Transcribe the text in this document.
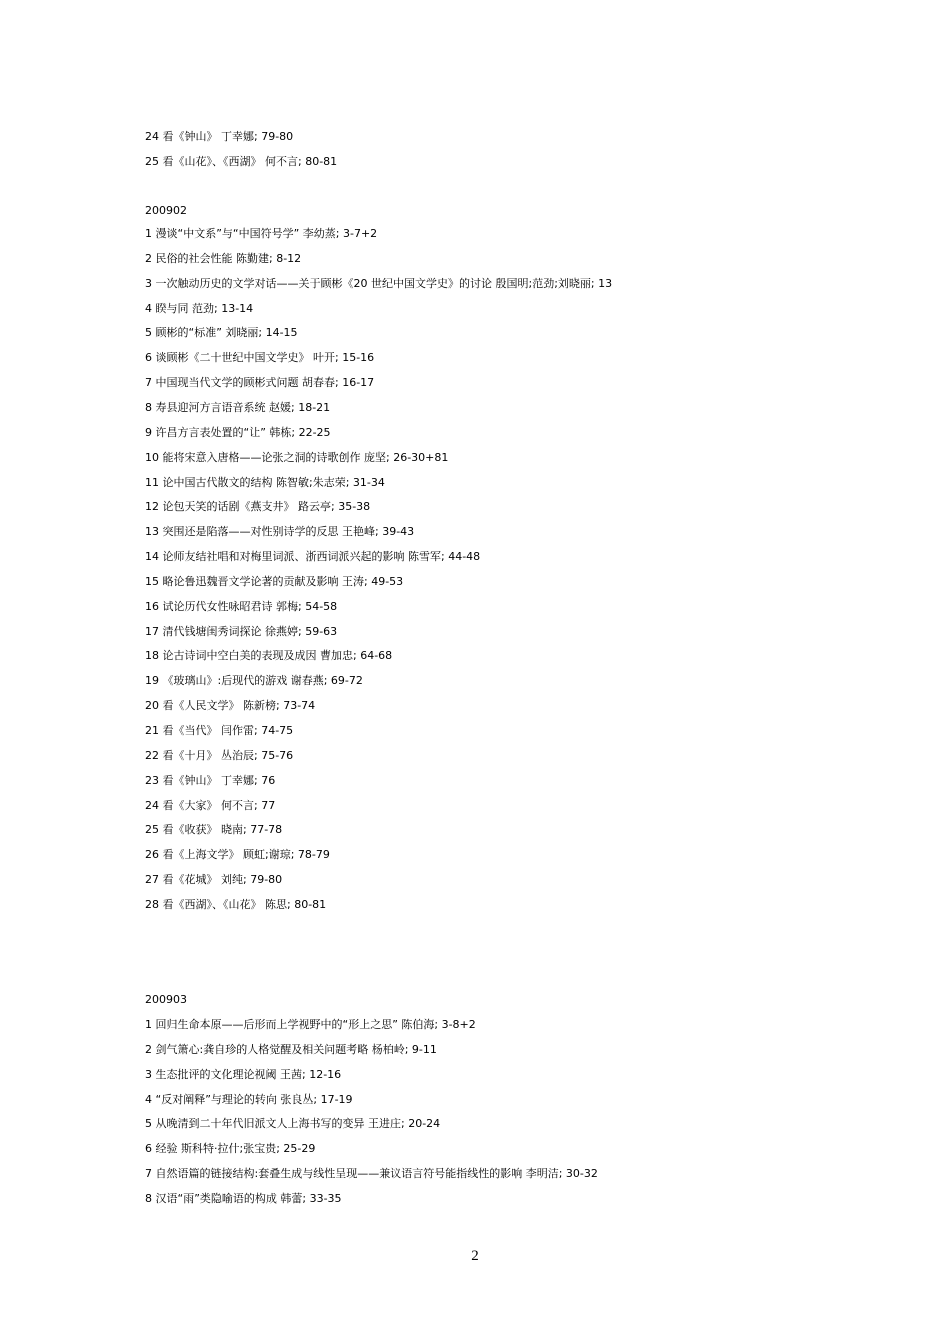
24 看《钟山》 丁幸娜; 79-80
25 看《山花》、《西湖》 何不言; 80-81
200902
1 漫谈“中文系”与“中国符号学” 李幼蒸; 3-7+2
2 民俗的社会性能 陈勤建; 8-12
3 一次触动历史的文学对话——关于顾彬《20 世纪中国文学史》的讨论 殷国明;范劲;刘晓丽; 13
4 睽与同 范劲; 13-14
5 顾彬的“标准” 刘晓丽; 14-15
6 谈顾彬《二十世纪中国文学史》 叶开; 15-16
7 中国现当代文学的顾彬式问题 胡春春; 16-17
8 寿县迎河方言语音系统 赵媛; 18-21
9 许昌方言表处置的“让” 韩栋; 22-25
10 能将宋意入唐格——论张之洞的诗歌创作 庞坚; 26-30+81
11 论中国古代散文的结构 陈智敏;朱志荣; 31-34
12 论包天笑的话剧《燕支井》 路云亭; 35-38
13 突围还是陷落——对性别诗学的反思 王艳峰; 39-43
14 论师友结社唱和对梅里词派、浙西词派兴起的影响 陈雪军; 44-48
15 略论鲁迅魏晋文学论著的贡献及影响 王涛; 49-53
16 试论历代女性咏昭君诗 郭梅; 54-58
17 清代钱塘闺秀词探论 徐燕婷; 59-63
18 论古诗词中空白美的表现及成因 曹加忠; 64-68
19 《玻璃山》:后现代的游戏 谢春燕; 69-72
20 看《人民文学》 陈新榜; 73-74
21 看《当代》 闫作雷; 74-75
22 看《十月》 丛治辰; 75-76
23 看《钟山》 丁幸娜; 76
24 看《大家》 何不言; 77
25 看《收获》 晓南; 77-78
26 看《上海文学》 顾虹;谢琼; 78-79
27 看《花城》 刘纯; 79-80
28 看《西湖》、《山花》 陈思; 80-81
200903
1 回归生命本原——后形而上学视野中的“形上之思” 陈伯海; 3-8+2
2 剑气箫心:龚自珍的人格觉醒及相关问题考略 杨柏岭; 9-11
3 生态批评的文化理论视阈 王茜; 12-16
4 “反对阐释”与理论的转向 张良丛; 17-19
5 从晚清到二十年代旧派文人上海书写的变异 王进庄; 20-24
6 经验 斯科特·拉什;张宝贵; 25-29
7 自然语篇的链接结构:套叠生成与线性呈现——兼议语言符号能指线性的影响 李明洁; 30-32
8 汉语“雨”类隐喻语的构成 韩蕾; 33-35
2
